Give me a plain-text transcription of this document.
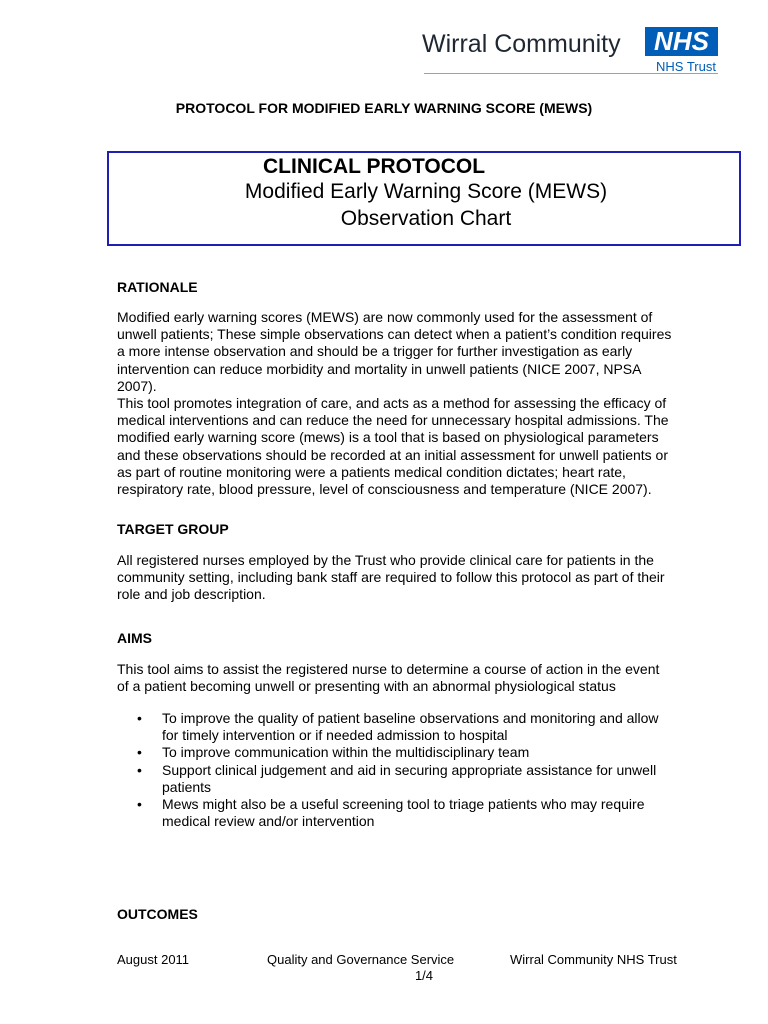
Wirral Community	NHS
NHS Trust
PROTOCOL FOR MODIFIED EARLY WARNING SCORE (MEWS)
CLINICAL PROTOCOL
Modified Early Warning Score (MEWS)
Observation Chart
RATIONALE

Modified early warning scores (MEWS) are now commonly used for the assessment of
unwell patients; These simple observations can detect when a patient’s condition requires
a more intense observation and should be a trigger for further investigation as early
intervention can reduce morbidity and mortality in unwell patients (NICE 2007, NPSA
2007).
This tool promotes integration of care, and acts as a method for assessing the efficacy of
medical interventions and can reduce the need for unnecessary hospital admissions. The
modified early warning score (mews) is a tool that is based on physiological parameters
and these observations should be recorded at an initial assessment for unwell patients or
as part of routine monitoring were a patients medical condition dictates; heart rate,
respiratory rate, blood pressure, level of consciousness and temperature (NICE 2007).

TARGET GROUP

All registered nurses employed by the Trust who provide clinical care for patients in the
community setting, including bank staff are required to follow this protocol as part of their
role and job description.

AIMS

This tool aims to assist the registered nurse to determine a course of action in the event
of a patient becoming unwell or presenting with an abnormal physiological status

• To improve the quality of patient baseline observations and monitoring and allow
for timely intervention or if needed admission to hospital
• To improve communication within the multidisciplinary team
• Support clinical judgement and aid in securing appropriate assistance for unwell
patients
• Mews might also be a useful screening tool to triage patients who may require
medical review and/or intervention
OUTCOMES
August 2011	Quality and Governance Service	Wirral Community NHS Trust
1/4
